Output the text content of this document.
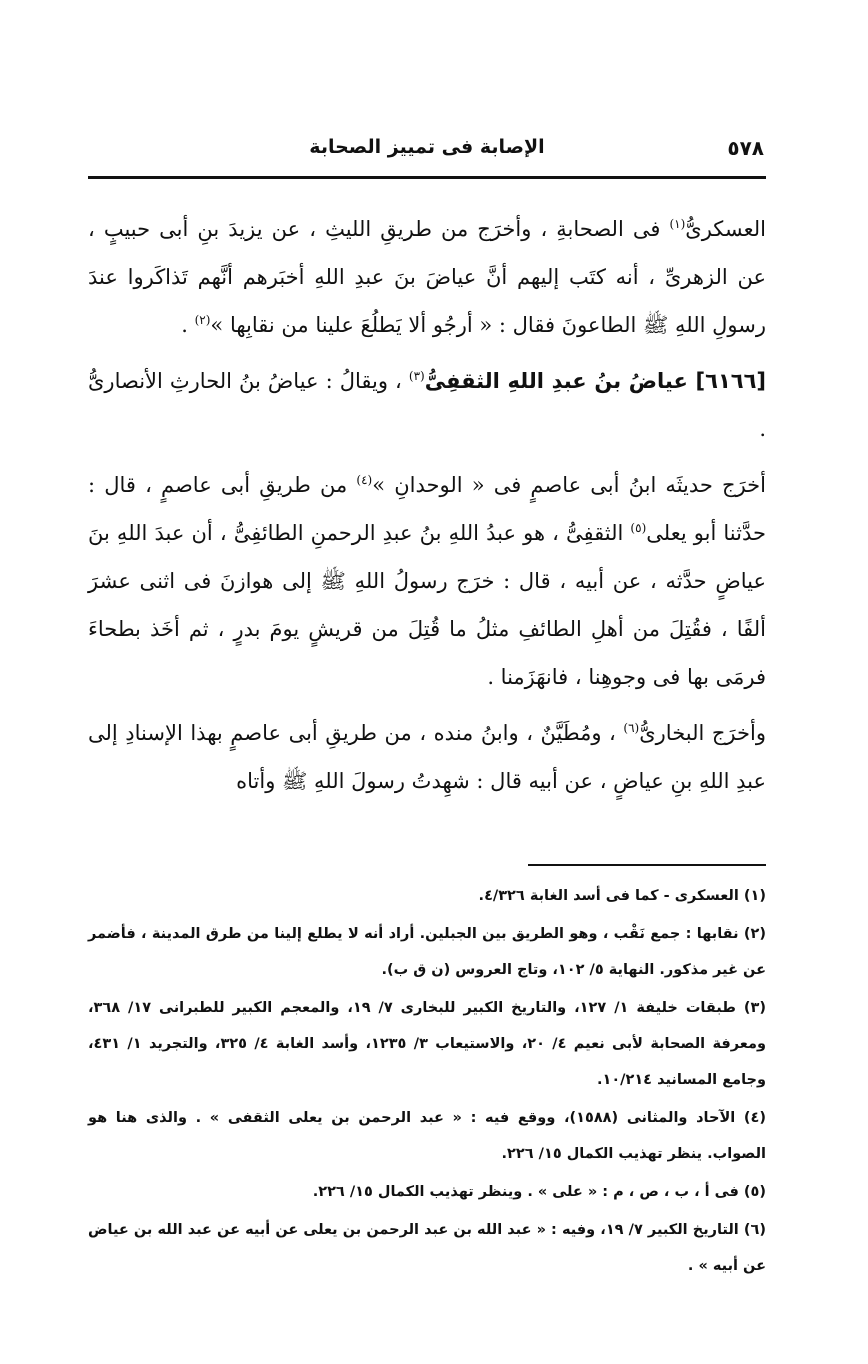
٥٧٨
الإصابة فى تمييز الصحابة

العسكرىُّ$^{(١)}$ فى الصحابةِ ، وأخرَج من طريقِ الليثِ ، عن يزيدَ بنِ أبى حبيبٍ ، عن الزهرىِّ ، أنه كتَب إليهم أنَّ عياضَ بنَ عبدِ اللهِ أخبَرهم أنَّهم تَذاكَروا عندَ رسولِ اللهِ ﷺ الطاعونَ فقال : « أرجُو ألا يَطلُعَ علينا من نقابِها »$^{(٢)}$ .

[٦١٦٦] عياضُ بنُ عبدِ اللهِ الثقفِىُّ$^{(٣)}$ ، ويقالُ : عياضُ بنُ الحارثِ الأنصارىُّ .

أخرَج حديثَه ابنُ أبى عاصمٍ فى « الوحدانِ »$^{(٤)}$ من طريقِ أبى عاصمٍ ، قال : حدَّثنا أبو يعلى$^{(٥)}$ الثقفِىُّ ، هو عبدُ اللهِ بنُ عبدِ الرحمنِ الطائفِىُّ ، أن عبدَ اللهِ بنَ عياضٍ حدَّثه ، عن أبيه ، قال : خرَج رسولُ اللهِ ﷺ إلى هوازنَ فى اثنى عشرَ ألفًا ، فقُتِلَ من أهلِ الطائفِ مثلُ ما قُتِلَ من قريشٍ يومَ بدرٍ ، ثم أخَذ بطحاءَ فرمَى بها فى وجوهِنا ، فانهَزَمنا .

وأخرَج البخارىُّ$^{(٦)}$ ، ومُطَيَّنٌ ، وابنُ منده ، من طريقِ أبى عاصمٍ بهذا الإسنادِ إلى عبدِ اللهِ بنِ عياضٍ ، عن أبيه قال : شهِدتُ رسولَ اللهِ ﷺ وأتاه

(١) العسكرى - كما فى أسد الغابة ٤/٣٢٦.

(٢) نقابها : جمع نَقْب ، وهو الطريق بين الجبلين. أراد أنه لا يطلع إلينا من طرق المدينة ، فأضمر عن غير مذكور. النهاية ٥/ ١٠٢، وتاج العروس (ن ق ب).

(٣) طبقات خليفة ١/ ١٢٧، والتاريخ الكبير للبخارى ٧/ ١٩، والمعجم الكبير للطبرانى ١٧/ ٣٦٨، ومعرفة الصحابة لأبى نعيم ٤/ ٢٠، والاستيعاب ٣/ ١٢٣٥، وأسد الغابة ٤/ ٣٢٥، والتجريد ١/ ٤٣١، وجامع المسانيد ١٠/٢١٤.

(٤) الآحاد والمثانى (١٥٨٨)، ووقع فيه : « عبد الرحمن بن يعلى الثقفى » . والذى هنا هو الصواب. ينظر تهذيب الكمال ١٥/ ٢٢٦.

(٥) فى أ ، ب ، ص ، م : « على » . وينظر تهذيب الكمال ١٥/ ٢٢٦.

(٦) التاريخ الكبير ٧/ ١٩، وفيه : « عبد الله بن عبد الرحمن بن يعلى عن أبيه عن عبد الله بن عياض عن أبيه » .
